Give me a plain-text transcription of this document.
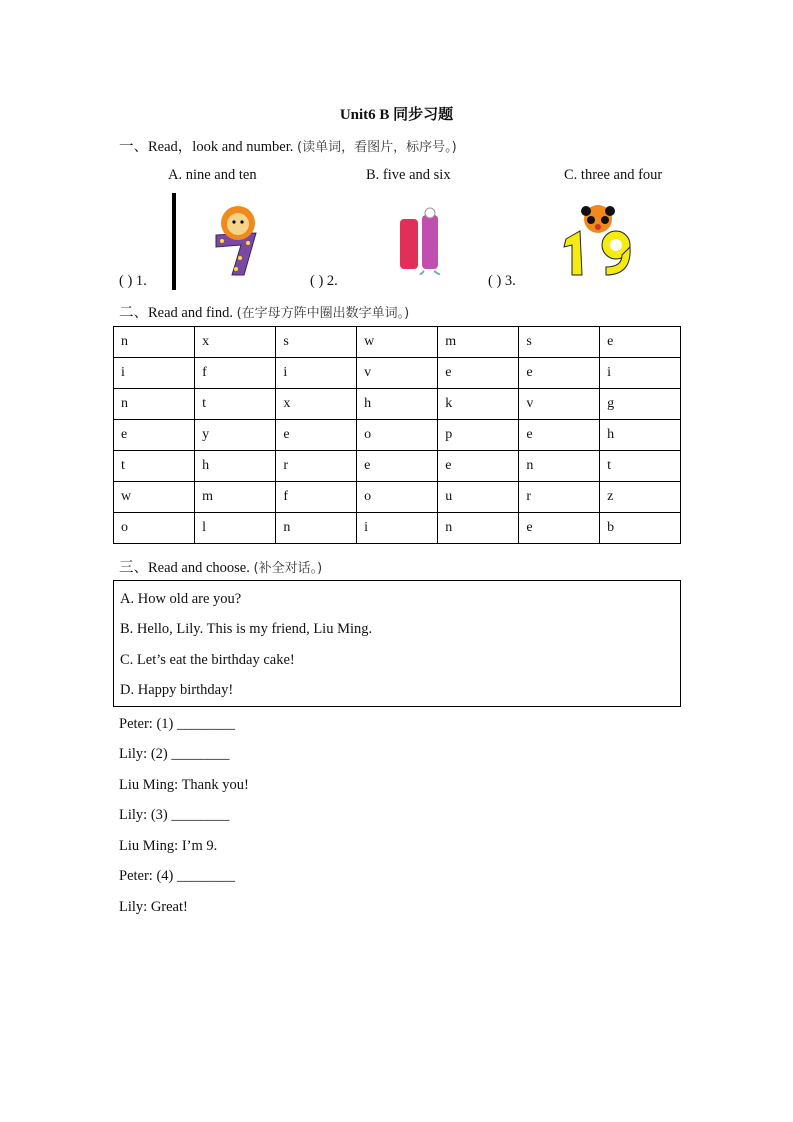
Unit6 B 同步习题
一、Read，look and number. (读单词，看图片，标序号。)
A. nine and ten	B. five and six	C. three and four
( ) 1.	( ) 2.	( ) 3.
二、Read and find. (在字母方阵中圈出数字单词。)
n	x	s	w	m	s	e
i	f	i	v	e	e	i
n	t	x	h	k	v	g
e	y	e	o	p	e	h
t	h	r	e	e	n	t
w	m	f	o	u	r	z
o	l	n	i	n	e	b
三、Read and choose. (补全对话。)
A. How old are you?
B. Hello, Lily. This is my friend, Liu Ming.
C. Let’s eat the birthday cake!
D. Happy birthday!
Peter: (1) ________
Lily: (2) ________
Liu Ming: Thank you!
Lily: (3) ________
Liu Ming: I’m 9.
Peter: (4) ________
Lily: Great!
